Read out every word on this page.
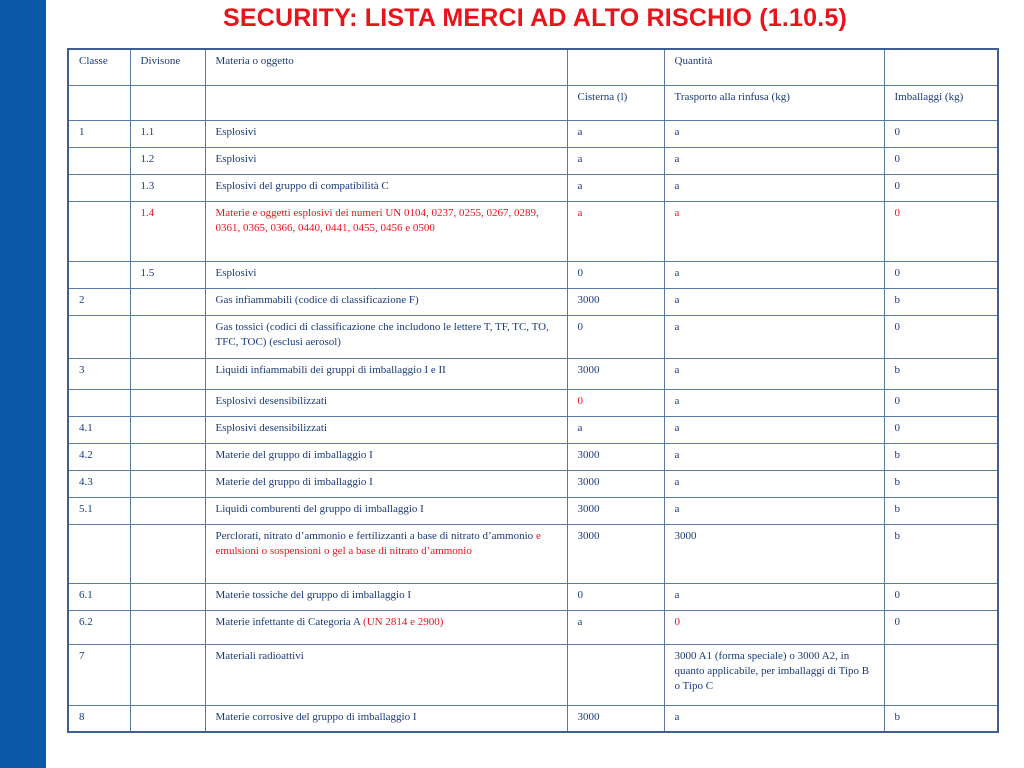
SECURITY: LISTA MERCI AD ALTO RISCHIO (1.10.5)
Classe	Divisone	Materia o oggetto		Quantità	
			Cisterna (l)	Trasporto alla rinfusa (kg)	Imballaggi (kg)
1	1.1	Esplosivi	a	a	0
	1.2	Esplosivi	a	a	0
	1.3	Esplosivi del gruppo di compatibilità C	a	a	0
	1.4	Materie e oggetti esplosivi dei numeri UN 0104, 0237, 0255, 0267, 0289, 0361, 0365, 0366, 0440, 0441, 0455, 0456 e 0500	a	a	0
	1.5	Esplosivi	0	a	0
2		Gas infiammabili (codice di classificazione F)	3000	a	b
		Gas tossici (codici di classificazione che includono le lettere T, TF, TC, TO, TFC, TOC) (esclusi aerosol)	0	a	0
3		Liquidi infiammabili dei gruppi di imballaggio I e II	3000	a	b
		Esplosivi desensibilizzati	0	a	0
4.1		Esplosivi desensibilizzati	a	a	0
4.2		Materie del gruppo di imballaggio I	3000	a	b
4.3		Materie del gruppo di imballaggio I	3000	a	b
5.1		Liquidi comburenti del gruppo di imballaggio I	3000	a	b
		Perclorati, nitrato d’ammonio e fertilizzanti a base di nitrato d’ammonio e emulsioni o sospensioni o gel a base di nitrato d’ammonio	3000	3000	b
6.1		Materie tossiche del gruppo di imballaggio I	0	a	0
6.2		Materie infettante di Categoria A (UN 2814 e 2900)	a	0	0
7		Materiali radioattivi		3000 A1 (forma speciale) o 3000 A2, in quanto applicabile, per imballaggi di Tipo B o Tipo C	
8		Materie corrosive del gruppo di imballaggio I	3000	a	b
